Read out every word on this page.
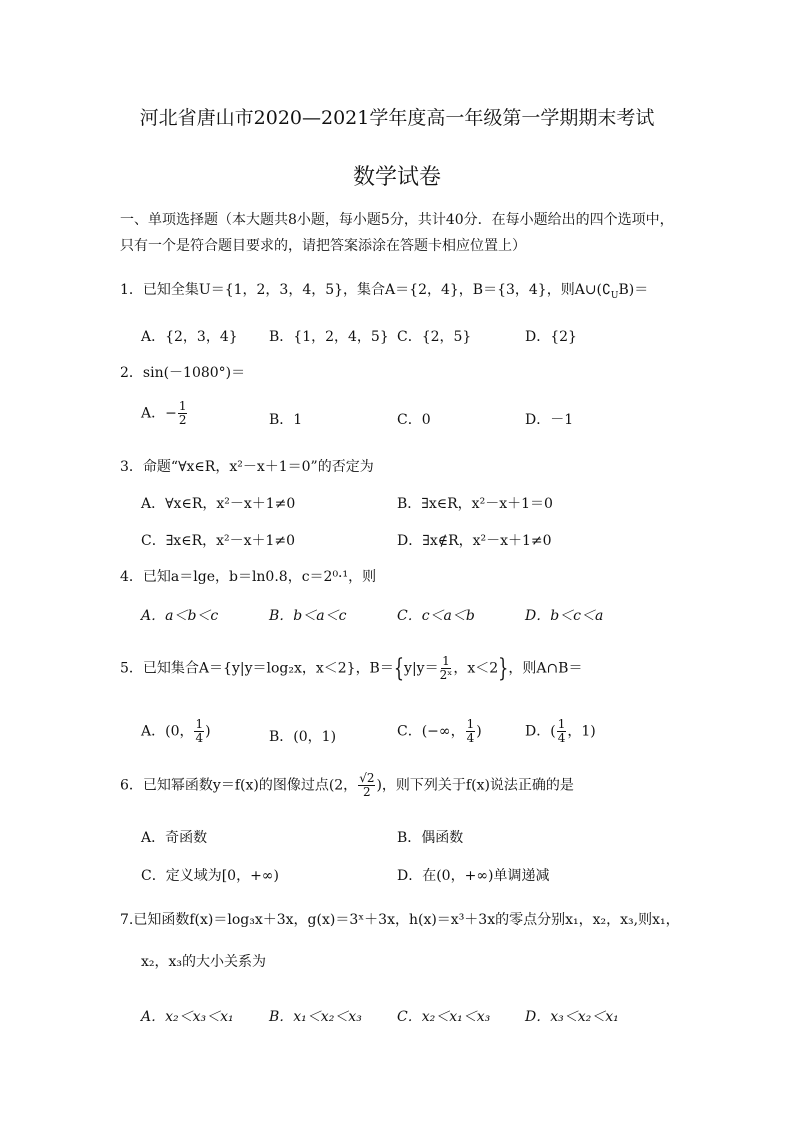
河北省唐山市2020—2021学年度高一年级第一学期期末考试
数学试卷
一、单项选择题（本大题共8小题，每小题5分，共计40分．在每小题给出的四个选项中，
只有一个是符合题目要求的，请把答案添涂在答题卡相应位置上）
1．已知全集U＝{1，2，3，4，5}，集合A＝{2，4}，B＝{3，4}，则$A\cup(∁_UB)=$
A．{2，3，4} B．{1，2，4，5} C．{2，5}	D．{2}
2．sin(－1080°)＝
A．− $\frac{1}{2}$	B．1	C．0	D．－1
3．命题“∀x∈R，x²－x＋1＝0”的否定为
A．∀x∈R，x²－x＋1≠0	B．∃x∈R，x²－x＋1＝0
C．∃x∈R，x²－x＋1≠0	D．∃x∉R，x²－x＋1≠0
4．已知a＝lge，b＝ln0.8，c＝2⁰·¹，则
A．a＜b＜c	B．b＜a＜c	C．c＜a＜b	D．b＜c＜a
5．已知集合A＝{y|y＝log₂x，x＜2}，$B=\{y|y= \frac{1}{\text{2ˣ}}$ ，x＜2}，则A∩B＝
A．(0， $\frac{1}{4}$ )	B．(0，1)	C．(−∞， $\frac{1}{4}$ )	D．( $\frac{1}{4}$ ，1)
6．已知幂函数y＝f(x)的图像过点(2， $\frac{√2}{2}$ )，则下列关于f(x)说法正确的是
A．奇函数	B．偶函数
C．定义域为[0，+∞)	D．在(0，+∞)单调递减
7.已知函数f(x)＝log₃x＋3x，g(x)＝3ˣ＋3x，h(x)＝x³＋3x的零点分别x₁，x₂，x₃,则x₁，
x₂，x₃的大小关系为
A．x₂＜x₃＜x₁	B．x₁＜x₂＜x₃	C．x₂＜x₁＜x₃ D．x₃＜x₂＜x₁
